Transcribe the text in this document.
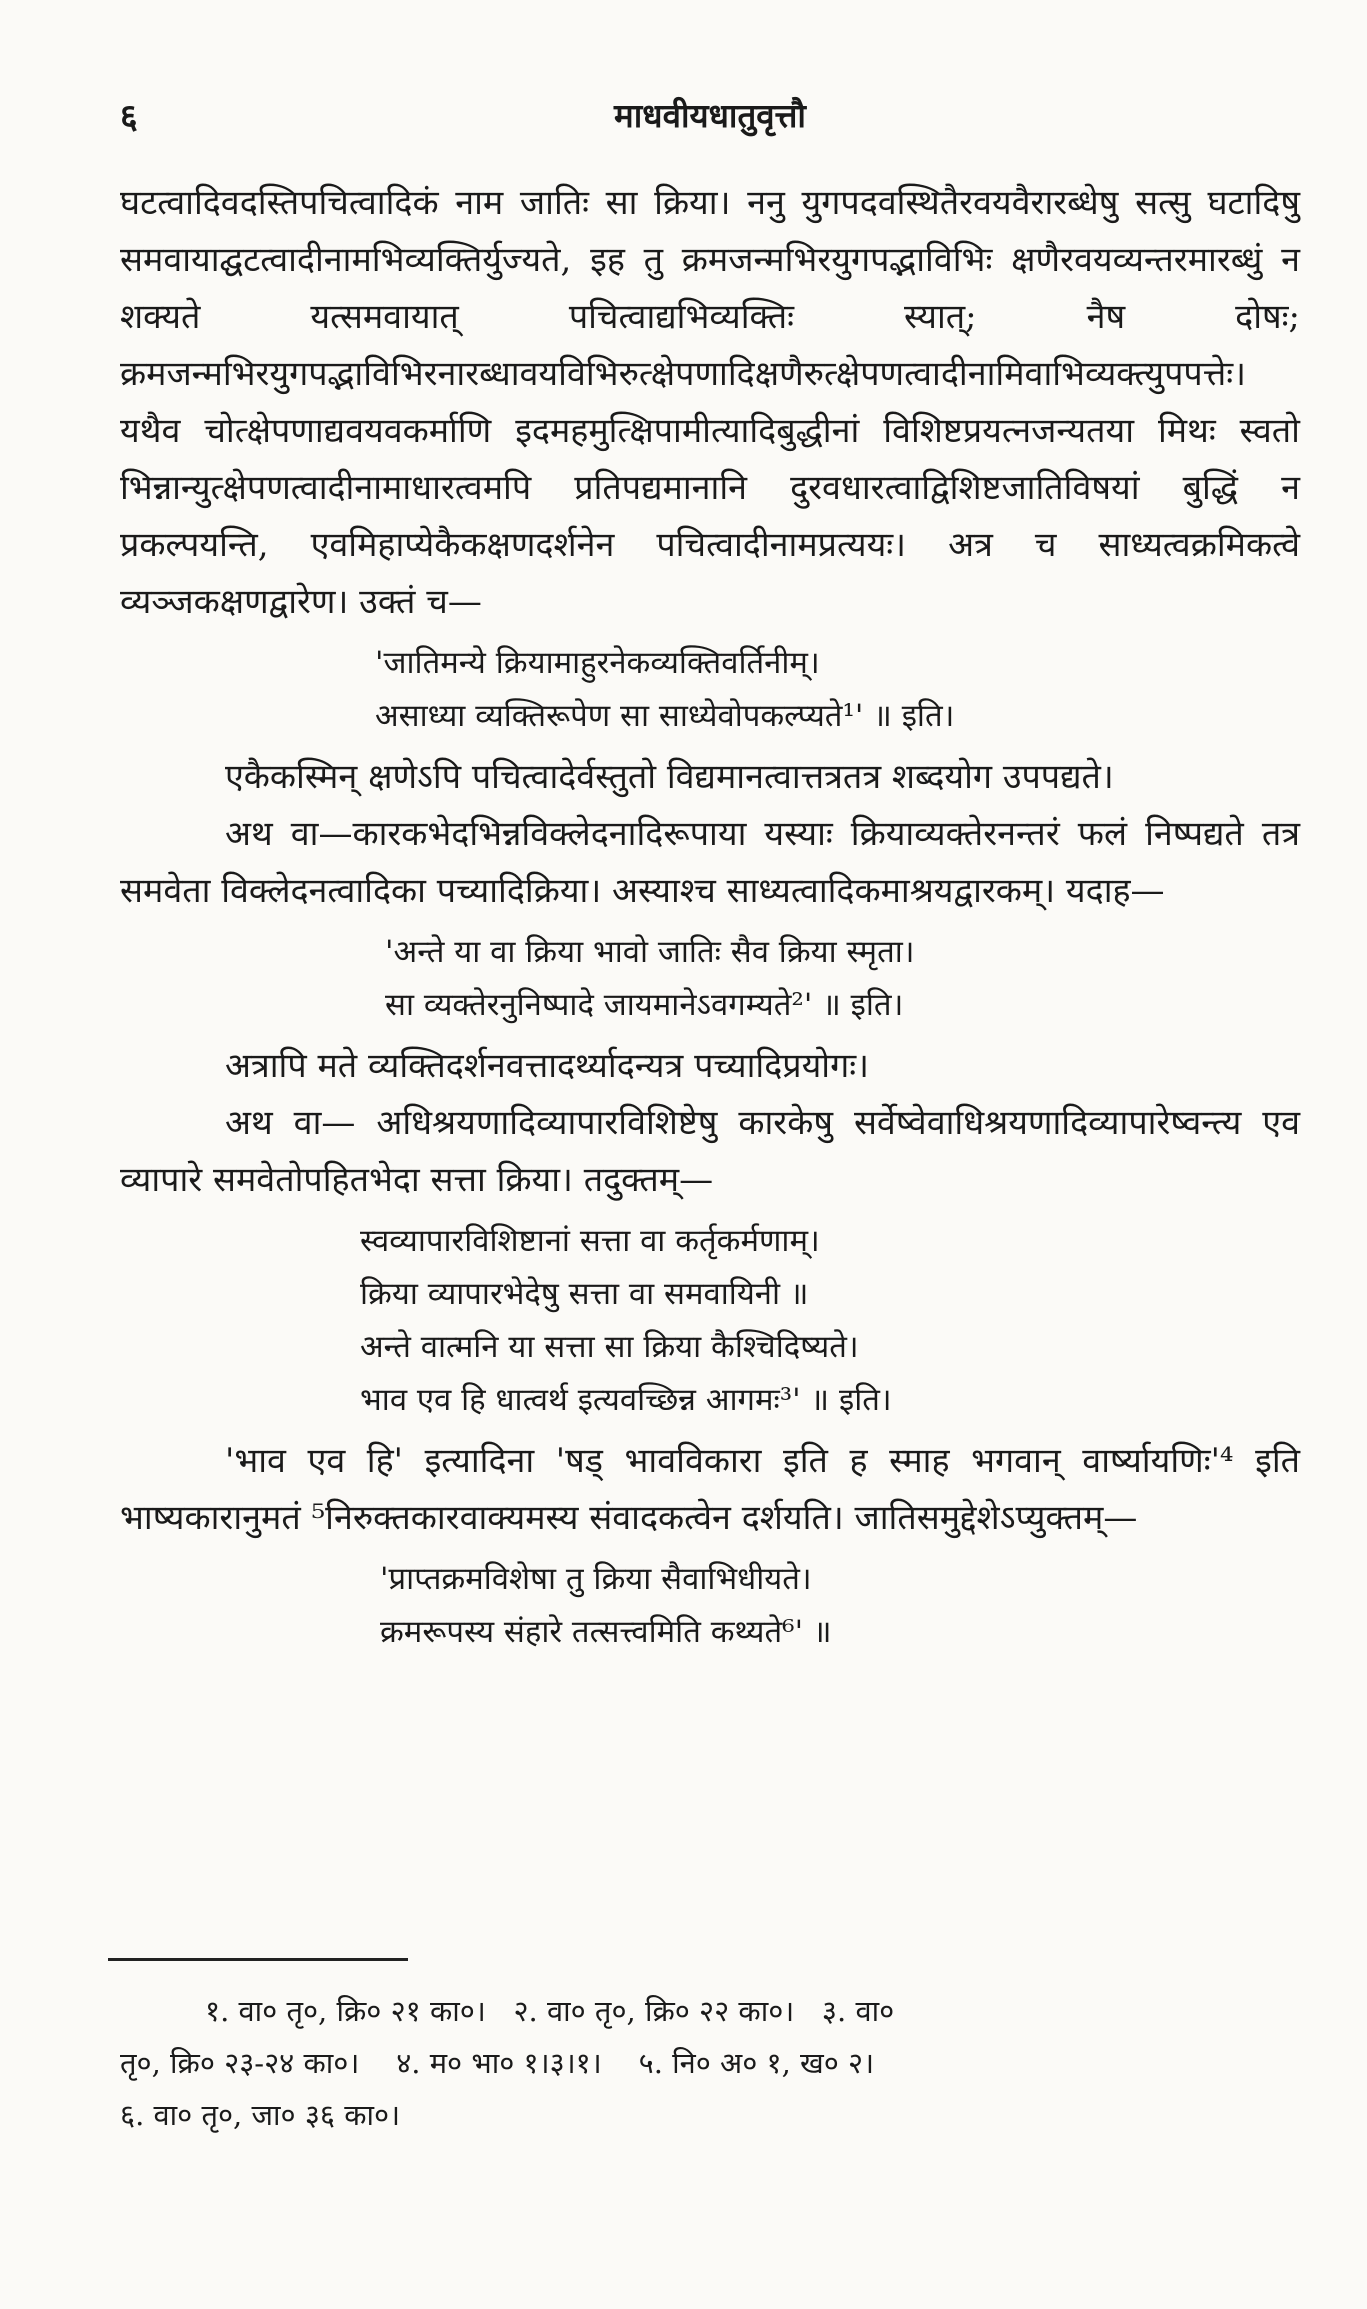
६	माधवीयधातुवृत्तौ

घटत्वादिवदस्तिपचित्वादिकं नाम जातिः सा क्रिया। ननु युगपदवस्थितैरवयवैरारब्धेषु सत्सु घटादिषु समवायाद्घटत्वादीनामभिव्यक्तिर्युज्यते, इह तु क्रमजन्मभिरयुगपद्भाविभिः क्षणैरवयव्यन्तरमारब्धुं न शक्यते यत्समवायात् पचित्वाद्यभिव्यक्तिः स्यात्; नैष दोषः; क्रमजन्मभिरयुगपद्भाविभिरनारब्धावयविभिरुत्क्षेपणादिक्षणैरुत्क्षेपणत्वादीनामिवाभिव्यक्त्युपपत्तेः। यथैव चोत्क्षेपणाद्यवयवकर्माणि इदमहमुत्क्षिपामीत्यादिबुद्धीनां विशिष्टप्रयत्नजन्यतया मिथः स्वतो भिन्नान्युत्क्षेपणत्वादीनामाधारत्वमपि प्रतिपद्यमानानि दुरवधारत्वाद्विशिष्टजातिविषयां बुद्धिं न प्रकल्पयन्ति, एवमिहाप्येकैकक्षणदर्शनेन पचित्वादीनामप्रत्ययः। अत्र च साध्यत्वक्रमिकत्वे व्यञ्जकक्षणद्वारेण। उक्तं च—

'जातिमन्ये क्रियामाहुरनेकव्यक्तिवर्तिनीम्।
असाध्या व्यक्तिरूपेण सा साध्येवोपकल्प्यते¹' ॥ इति।

एकैकस्मिन् क्षणेऽपि पचित्वादेर्वस्तुतो विद्यमानत्वात्तत्रतत्र शब्दयोग उपपद्यते।

अथ वा—कारकभेदभिन्नविक्लेदनादिरूपाया यस्याः क्रियाव्यक्तेरनन्तरं फलं निष्पद्यते तत्र समवेता विक्लेदनत्वादिका पच्यादिक्रिया। अस्याश्च साध्यत्वादिकमाश्रयद्वारकम्। यदाह—

'अन्ते या वा क्रिया भावो जातिः सैव क्रिया स्मृता।
सा व्यक्तेरनुनिष्पादे जायमानेऽवगम्यते²' ॥ इति।

अत्रापि मते व्यक्तिदर्शनवत्तादर्थ्यादन्यत्र पच्यादिप्रयोगः।

अथ वा— अधिश्रयणादिव्यापारविशिष्टेषु कारकेषु सर्वेष्वेवाधिश्रयणादिव्यापारेष्वन्त्य एव व्यापारे समवेतोपहितभेदा सत्ता क्रिया। तदुक्तम्—

स्वव्यापारविशिष्टानां सत्ता वा कर्तृकर्मणाम्।
क्रिया व्यापारभेदेषु सत्ता वा समवायिनी ॥
अन्ते वात्मनि या सत्ता सा क्रिया कैश्चिदिष्यते।
भाव एव हि धात्वर्थ इत्यवच्छिन्न आगमः³' ॥ इति।

'भाव एव हि' इत्यादिना 'षड् भावविकारा इति ह स्माह भगवान् वार्ष्यायणिः'⁴ इति भाष्यकारानुमतं ⁵निरुक्तकारवाक्यमस्य संवादकत्वेन दर्शयति। जातिसमुद्देशेऽप्युक्तम्—

'प्राप्तक्रमविशेषा तु क्रिया सैवाभिधीयते।
क्रमरूपस्य संहारे तत्सत्त्वमिति कथ्यते⁶' ॥
१. वा० तृ०, क्रि० २१ का०।   २. वा० तृ०, क्रि० २२ का०।   ३. वा०
तृ०, क्रि० २३-२४ का०।    ४. म० भा० १।३।१।    ५. नि० अ० १, ख० २।
६. वा० तृ०, जा० ३६ का०।
